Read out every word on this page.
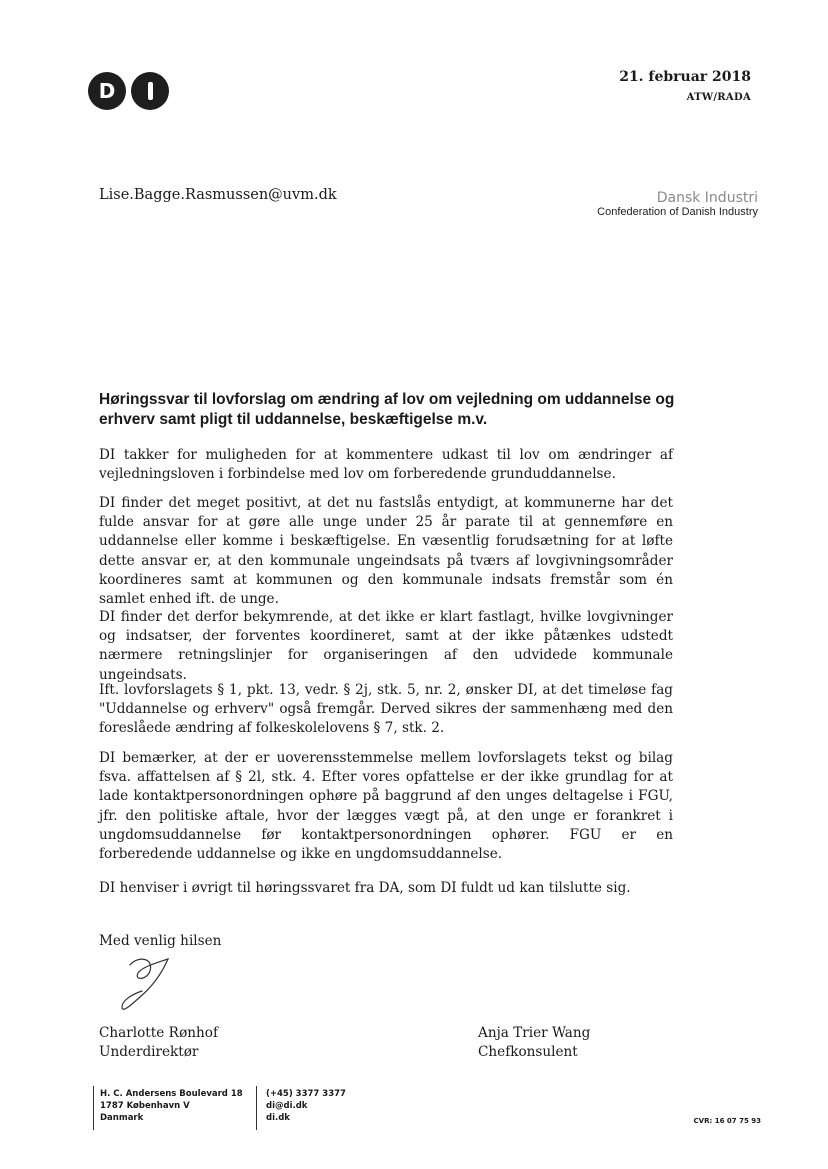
D
21. februar 2018
ATW/RADA
Lise.Bagge.Rasmussen@uvm.dk	Dansk Industri
Confederation of Danish Industry
Høringssvar til lovforslag om ændring af lov om vejledning om uddannelse og erhverv samt pligt til uddannelse, beskæftigelse m.v.
DI takker for muligheden for at kommentere udkast til lov om ændringer af vejledningsloven i forbindelse med lov om forberedende grunduddannelse.
DI finder det meget positivt, at det nu fastslås entydigt, at kommunerne har det fulde ansvar for at gøre alle unge under 25 år parate til at gennemføre en uddannelse eller komme i beskæftigelse. En væsentlig forudsætning for at løfte dette ansvar er, at den kommunale ungeindsats på tværs af lovgivningsområder koordineres samt at kommunen og den kommunale indsats fremstår som én samlet enhed ift. de unge.
DI finder det derfor bekymrende, at det ikke er klart fastlagt, hvilke lovgivninger og indsatser, der forventes koordineret, samt at der ikke påtænkes udstedt nærmere retningslinjer for organiseringen af den udvidede kommunale ungeindsats.
Ift. lovforslagets § 1, pkt. 13, vedr. § 2j, stk. 5, nr. 2, ønsker DI, at det timeløse fag "Uddannelse og erhverv" også fremgår. Derved sikres der sammenhæng med den foreslåede ændring af folkeskolelovens § 7, stk. 2.
DI bemærker, at der er uoverensstemmelse mellem lovforslagets tekst og bilag fsva. affattelsen af § 2l, stk. 4. Efter vores opfattelse er der ikke grundlag for at lade kontaktpersonordningen ophøre på baggrund af den unges deltagelse i FGU, jfr. den politiske aftale, hvor der lægges vægt på, at den unge er forankret i ungdomsuddannelse før kontaktpersonordningen ophører. FGU er en forberedende uddannelse og ikke en ungdomsuddannelse.
DI henviser i øvrigt til høringssvaret fra DA, som DI fuldt ud kan tilslutte sig.
Med venlig hilsen
Charlotte Rønhof
Underdirektør
Anja Trier Wang
Chefkonsulent
H. C. Andersens Boulevard 18
1787 København V
Danmark
(+45) 3377 3377
di@di.dk
di.dk	CVR: 16 07 75 93
